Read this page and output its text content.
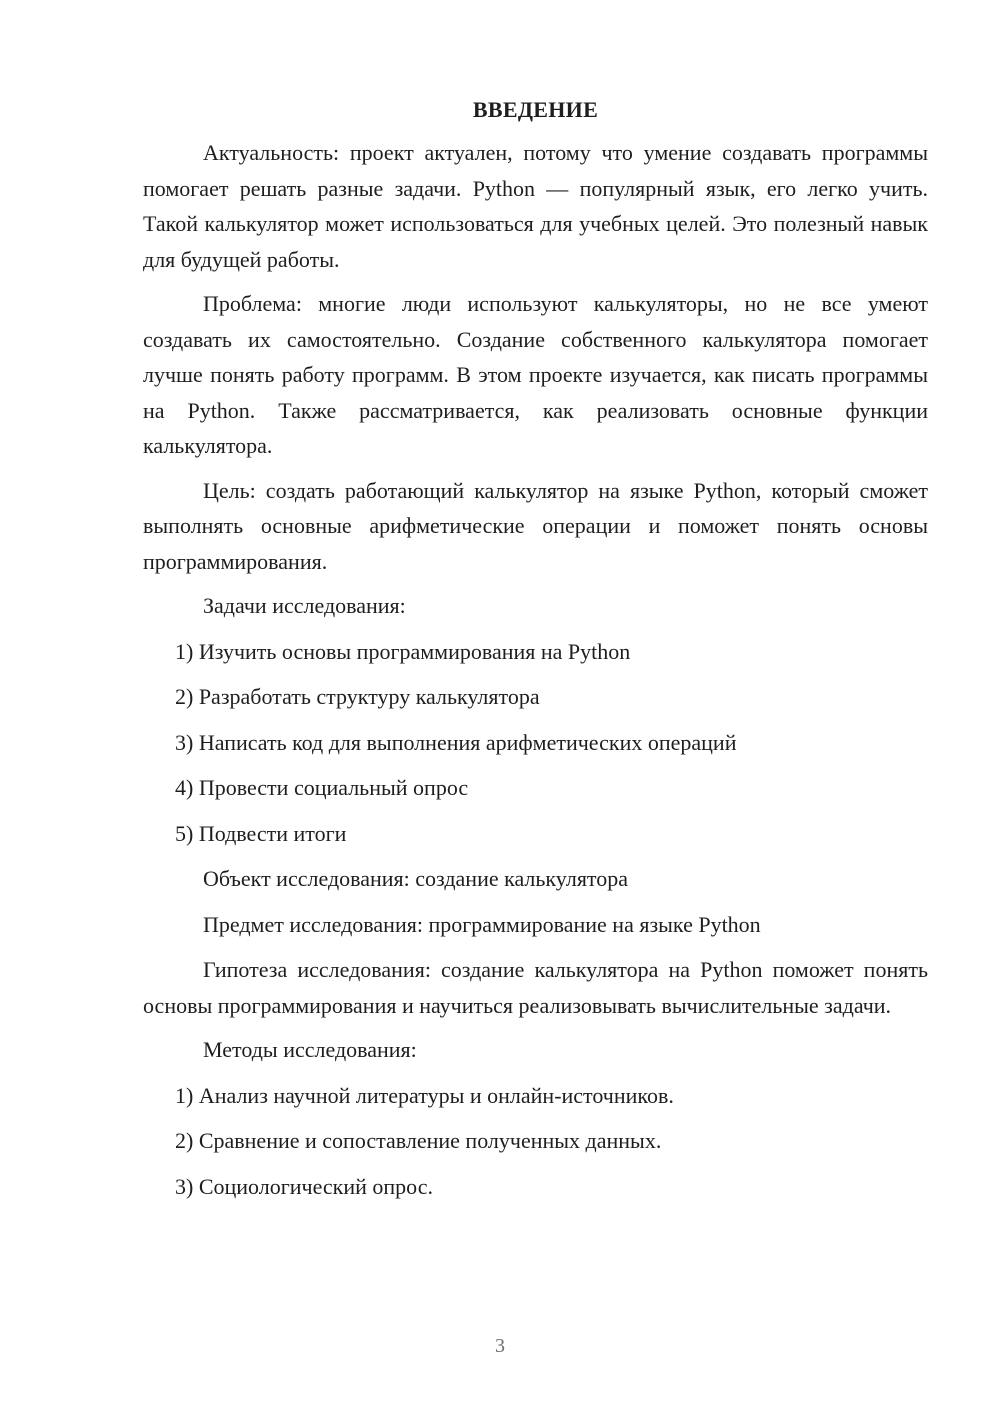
ВВЕДЕНИЕ

Актуальность: проект актуален, потому что умение создавать программы помогает решать разные задачи. Python — популярный язык, его легко учить. Такой калькулятор может использоваться для учебных целей. Это полезный навык для будущей работы.

Проблема: многие люди используют калькуляторы, но не все умеют создавать их самостоятельно. Создание собственного калькулятора помогает лучше понять работу программ. В этом проекте изучается, как писать программы на Python. Также рассматривается, как реализовать основные функции калькулятора.

Цель: создать работающий калькулятор на языке Python, который сможет выполнять основные арифметические операции и поможет понять основы программирования.

Задачи исследования:

1) Изучить основы программирования на Python
2) Разработать структуру калькулятора
3) Написать код для выполнения арифметических операций
4) Провести социальный опрос
5) Подвести итоги

Объект исследования: создание калькулятора

Предмет исследования: программирование на языке Python

Гипотеза исследования: создание калькулятора на Python поможет понять основы программирования и научиться реализовывать вычислительные задачи.

Методы исследования:

1) Анализ научной литературы и онлайн-источников.
2) Сравнение и сопоставление полученных данных.
3) Социологический опрос.
3
